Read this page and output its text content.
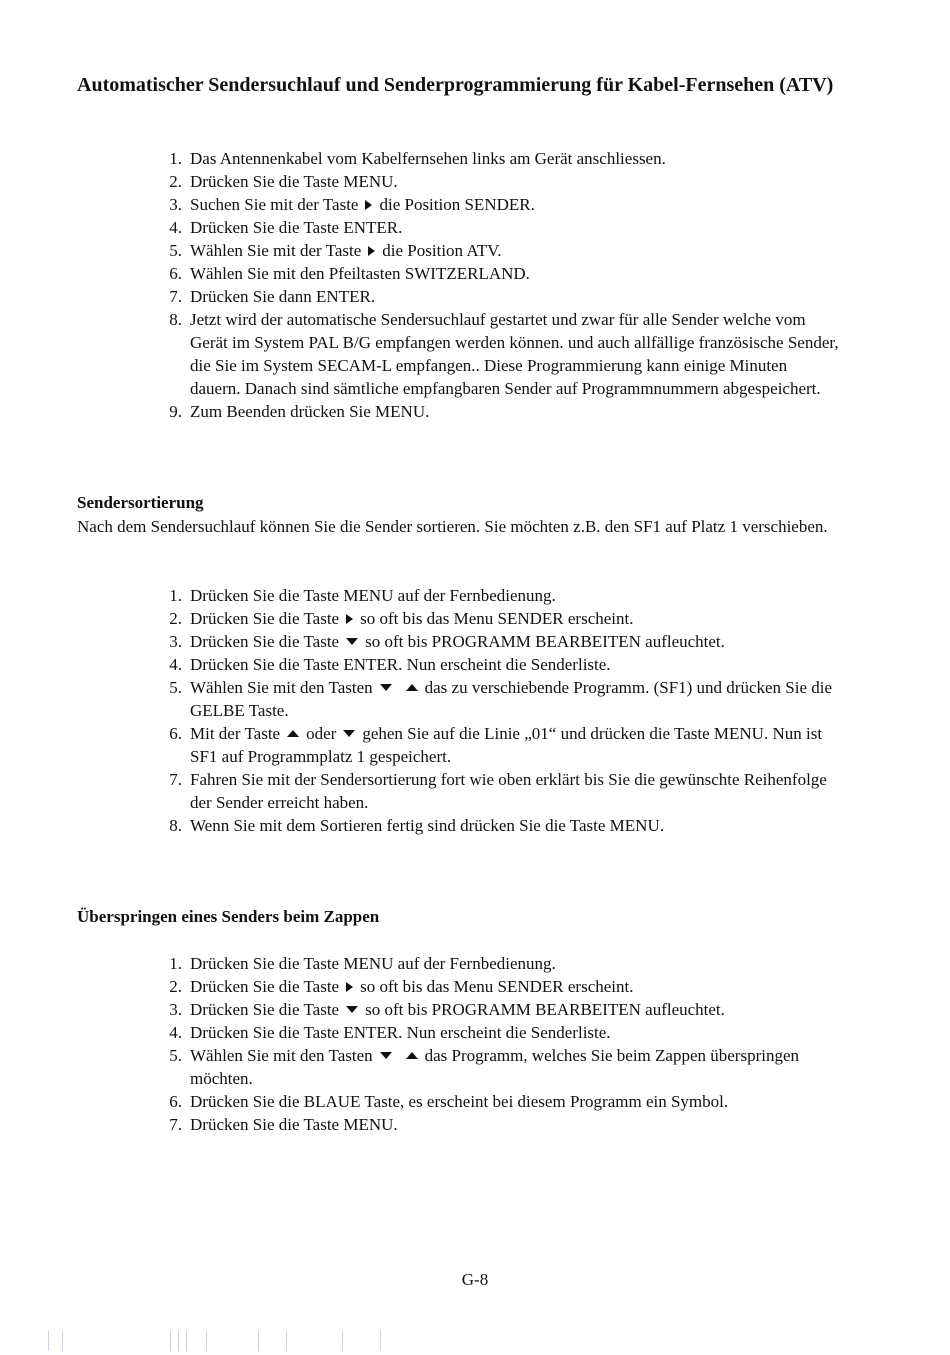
Automatischer Sendersuchlauf und Senderprogrammierung für Kabel-Fernsehen (ATV)
1. Das Antennenkabel vom Kabelfernsehen links am Gerät anschliessen.
2. Drücken Sie die Taste MENU.
3. Suchen Sie mit der Taste die Position SENDER.
4. Drücken Sie die Taste ENTER.
5. Wählen Sie mit der Taste die Position ATV.
6. Wählen Sie mit den Pfeiltasten SWITZERLAND.
7. Drücken Sie dann ENTER.
8. Jetzt wird der automatische Sendersuchlauf gestartet und zwar für alle Sender welche vom Gerät im System PAL B/G empfangen werden können. und auch allfällige französische Sender, die Sie im System SECAM-L empfangen.. Diese Programmierung kann einige Minuten dauern. Danach sind sämtliche empfangbaren Sender auf Programmnummern abgespeichert.
9. Zum Beenden drücken Sie MENU.
Sendersortierung

Nach dem Sendersuchlauf können Sie die Sender sortieren. Sie möchten z.B. den SF1 auf Platz 1 verschieben.

1. Drücken Sie die Taste MENU auf der Fernbedienung.
2. Drücken Sie die Taste so oft bis das Menu SENDER erscheint.
3. Drücken Sie die Taste so oft bis PROGRAMM BEARBEITEN aufleuchtet.
4. Drücken Sie die Taste ENTER. Nun erscheint die Senderliste.
5. Wählen Sie mit den Tasten	das zu verschiebende Programm. (SF1) und drücken Sie die GELBE Taste.
6. Mit der Taste oder gehen Sie auf die Linie „01“ und drücken die Taste MENU. Nun ist SF1 auf Programmplatz 1 gespeichert.
7. Fahren Sie mit der Sendersortierung fort wie oben erklärt bis Sie die gewünschte Reihenfolge der Sender erreicht haben.
8. Wenn Sie mit dem Sortieren fertig sind drücken Sie die Taste MENU.
Überspringen eines Senders beim Zappen
1. Drücken Sie die Taste MENU auf der Fernbedienung.
2. Drücken Sie die Taste so oft bis das Menu SENDER erscheint.
3. Drücken Sie die Taste so oft bis PROGRAMM BEARBEITEN aufleuchtet.
4. Drücken Sie die Taste ENTER. Nun erscheint die Senderliste.
5. Wählen Sie mit den Tasten	das Programm, welches Sie beim Zappen überspringen möchten.
6. Drücken Sie die BLAUE Taste, es erscheint bei diesem Programm ein Symbol.
7. Drücken Sie die Taste MENU.
G-8
